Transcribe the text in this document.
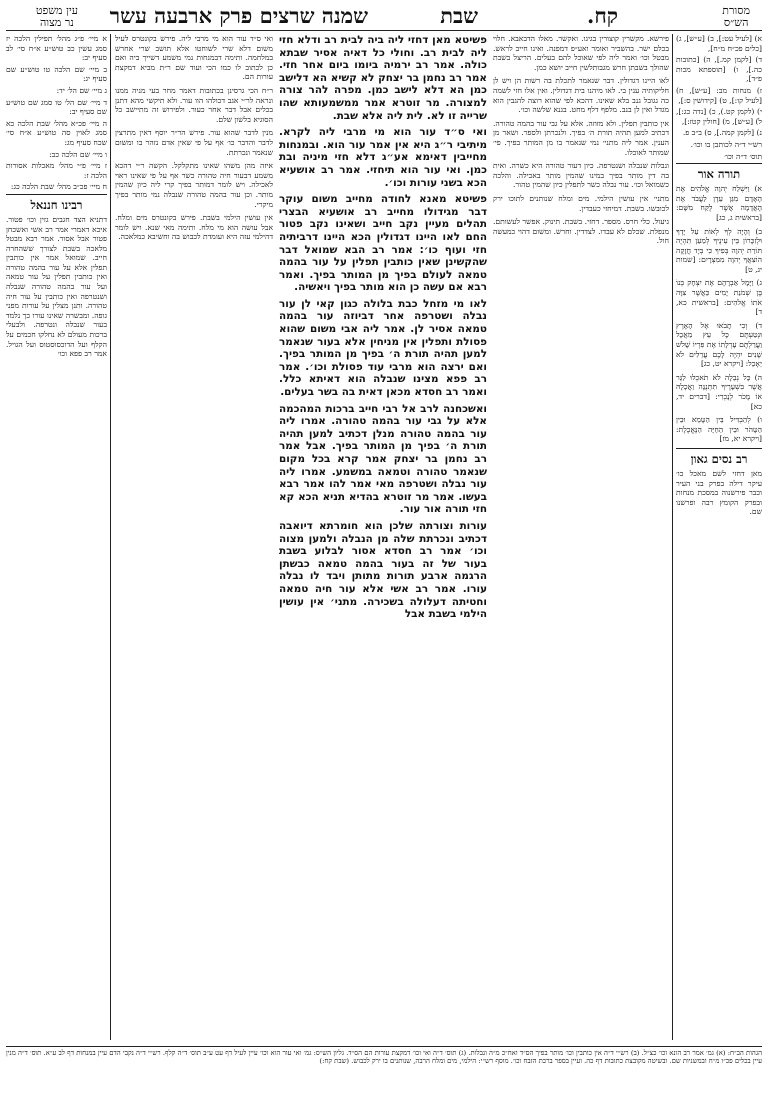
מסורת
הש״ס
קח.
שבת
שמנה שרצים פרק ארבעה עשר
עין משפט
נר מצוה
א) [לעיל עט:], ב) [ע״ש], ג) [כלים פכ״ח מ״ח],
ד) [לקמן קמ.], ה) [כתובות כה.], ו) [תוספתא מכות פ״ד],
ז) מנחות מב: [ע״ש], ח) [לעיל קו:], ט) [קידושין ס:],
י) (לקמן קט.), כ) [נדה כג:], ל) [ע״ש], מ) [חולין קטז:],
נ) [לקמן קמה.], ס) ב״ב פ.
רש״י ד״ה לכותבן בו וכו׳.
תוס׳ ד״ה וכו׳
תורה אור

א) וַיִּשְׁלַח יְהוָה אֱלֹהִים אֶת הָאָדָם מִגַּן עֵדֶן לַעֲבֹד אֶת הָאֲדָמָה אֲשֶׁר לֻקַּח מִשָּׁם: [בראשית ג, כג]

ב) וְהָיָה לְךָ לְאוֹת עַל יָדְךָ וּלְזִכָּרוֹן בֵּין עֵינֶיךָ לְמַעַן תִּהְיֶה תּוֹרַת יְהוָה בְּפִיךָ כִּי בְּיָד חֲזָקָה הוֹצִאֲךָ יְהוָה מִמִּצְרָיִם: [שמות יג, ט]

ג) וַיָּמָל אַבְרָהָם אֶת יִצְחָק בְּנוֹ בֶּן שְׁמֹנַת יָמִים כַּאֲשֶׁר צִוָּה אֹתוֹ אֱלֹהִים: [בראשית כא, ד]

ד) וְכִי תָבֹאוּ אֶל הָאָרֶץ וּנְטַעְתֶּם כָּל עֵץ מַאֲכָל וַעֲרַלְתֶּם עָרְלָתוֹ אֶת פִּרְיוֹ שָׁלֹשׁ שָׁנִים יִהְיֶה לָכֶם עֲרֵלִים לֹא יֵאָכֵל: [ויקרא יט, כג]

ה) כָּל נְבֵלָה לֹא תֹאכְלוּ לַגֵּר אֲשֶׁר בִּשְׁעָרֶיךָ תִּתְּנֶנָּה וַאֲכָלָהּ אוֹ מָכֹר לְנָכְרִי: [דברים יד, כא]

ו) לְהַבְדִּיל בֵּין הַטָּמֵא וּבֵין הַטָּהֹר וּבֵין הַחַיָּה הַנֶּאֱכֶלֶת: [ויקרא יא, מז]

רב נסים גאון
מאן דחזי לשם מאכל כו׳ עיקר דילה בפרק בני העיר וכבר פירשנוה במסכת מנחות ובפרק הקומץ רבה ופרשנו שם.

פירשא. מקשרין קוצורין בגיגו. ואקשר. מאלו הדבאבא. חלוי בכלם ישר. בהשביר ואומר ואע״פ דמפנה. ואינו חייב לראש. מבטל וכו׳ ואמר ליה לפי שאוכל להם בעלים. הריצל בשבת שהולך בשבתן חרש מגבותלשין חייב יושא כמן.

לאו היינו דגדולין. דבר שנאמר לתכלת בה רשות הן ויש לן חליקותיה ענין בי. לאו מיהנו בית דגדולין. ואין אלו חזי לשמה כה גגובל גנב בלא שאינו. דהכא לפי שהוא רוצה להגבין הוא מגדל ואין לן בנב. מלפף דלף מחט. בגנא שלשה וכו׳.

אין כותבין תפלין. ולא מזוזה. אלא על גבי עור בהמה טהורה. דכתיב למען תהיה תורת ה׳ בפיך. ולנכרתן ולספר. ושאר מן הענין. אמר ליה מתני׳ נמי שנאמר בו מן המותר בפיך. פי׳ שמותר לאוכלו.

ונבלות שנבלה ושנטרפה. כיון דעור טהורה היא כשרה. ואית בה דין מותר בפיך במינו שהמין מותר באכילה. והלכה כשמואל וכו׳. עור נבלה כשר לתפלין כיון שהמין טהור.

מתני׳ אין עושין הילמי. מים ומלח שנותנים לתוכו ירק לכובשו. בשבת. דמיחזי כעבדין.

גיעול. כלי חרס. מספר. דחזי. בשבת. תינוק. אפשר לעשותם. מנפלת. שכלם לא עבדו. לצדדין. וחרש. ומשום דהוי כמעשה חול.

פשיטא מאן דחזי ליה ביה לבית רב ודלא חזי ליה לבית רב. וחולי כל דאיה אסיר שבתא כולה. אמר רב ירמיה ביומו ביום אחר חזי. אמר רב נחמן בר יצחק לא קשיא הא דלישב כמן הא דלא לישב כמן. מפרה להר צורה למצורה. מר זוטרא אמר ממשמעותא שהו שרייה זו לא. לית ליה אלא שבת.

ואי ס״ד עור הוא מי מרבי ליה לקרא. מיתיבי ר״ג היא אין אמר עור הוא. ובמנחות מחייבין דאימא אע״ג דלא חזי מיניה ובת כמן. ואי עור הוא תיחזי. אמר רב אושעיא הכא בשני עורות וכו׳.

פשיטא מאנא לחודה מחייב משום עוקר דבר מגידולו מחייב רב אושעיא הבצרי תהלים מעיין נקב חייב ושאינו נקב פטור החם לאו היינו דגדולין הכא היינו דרביתיה חזי ועוף כו׳: אמר רב הבא שמואל דבר שהקשינן שאין כותבין תפלין על עור בהמה טמאה לעולם בפיך מן המותר בפיך. ואמר רבא אם עשה כן הוא מותר בפיך ויאשיה.

לאו מי מזחל כבת בלולה כגון קאי לן עור נבלה ושטרפה אחר דביוזה עור בהמה טמאה אסיר לן. אמר ליה אבי משום שהוא פסולת ותפלין אין מניחין אלא בעור שנאמר למען תהיה תורת ה׳ בפיך מן המותר בפיך. ואם ירצה הוא מרבי עוד פסולת וכו׳. אמר רב פפא מצינו שנבלה הוא דאיתא כלל. ואמר רב חסדא מכאן דאית בה בשר בעלים.

ואשכחנה לרב אל רבי חייב ברכות המהכמה אלא על גבי עור בהמה טהורה. אמרו ליה עור בהמה טהורה מנלן דכתיב למען תהיה תורת ה׳ בפיך מן המותר בפיך. אבל אמר רב נחמן בר יצחק אמר קרא בכל מקום שנאמר טהורה וטמאה במשמע. אמרו ליה עור נבלה ושטרפה מאי אמר להו אמר רבא בעשו. אמר מר זוטרא בהדיא תניא הכא קא חזי תורה אור עור.

עורות וצורתה שלכן הוא חומרתא דיואבה דכתיב ונכרתת שלה מן הנבלה ולמען מצוה וכו׳ אמר רב חסדא אסור לבלוע בשבת בעור של זה בעור בהמה טמאה כבשתן הרגמה ארבע תורות מתותן ויבד לו נבלה עורו. אמר רב אשי אלא עור חיה טמאה וחטיתה דעלולה בשכירה. מתני׳ אין עושין הילמי בשבת אבל

ואי ס״ד עור הוא מי מרבי ליה. פירש בקונטרס לעיל משום דלא שרי לשוחטו אלא תושב שרי אחרש במלחמה. ותימה דבמנחות נמי משמע דשייך ביה ואם כן לכתוב לו כמו הכי ועוד שם ר״ת מביא דמקצת עורות הם.

ר״ח הכי גרסינן בכתובות דאמר מחר בעי מניה ממנו ונראה לר״י אגב דכולהו הוו עור. ולא תיקשי מהא דתנן בכלים אבל דבר אחר כעור. ולפירוש זה מתיישב כל הסוגיא בלשון שלם.

מנין לדבר שהוא עור. פירש הר״ר יוסף דאין מתרצין לדבר והדבר כו׳ אף על פי שאין אדם נזהר בו ומשום שנאמר ונכרתת.

איזה מהן משהו שאינו מתקלקל. הקשה ר״י דהכא משמע דבעור חיה טהורה כשר אף על פי שאינו ראוי לאכילה. ויש לומר דמותר בפיך קרי ליה כיון שהמין מותר. וכן עור בהמה טהורה שנבלה נמי מותר בפיך מיקרי.

אין עושין הילמי בשבת. פירש בקונטרס מים ומלח. אבל עושה הוא מי מלח. ותימה מאי שנא. ויש לומר דהילמי עזה היא ועומדת לכבוש בה וחשיבא כמלאכה.

א מיי׳ פ״ג מהל׳ תפילין הלכה יז סמג עשין כב טוש״ע א״ח סי׳ לב סעיף יב:
ב מיי׳ שם הלכה טו טוש״ע שם סעיף יג:
ג מיי׳ שם הל׳ יד:
ד מיי׳ שם הל׳ טו סמג שם טוש״ע שם סעיף יב:
ה מיי׳ פכ״א מהל׳ שבת הלכה כא סמג לאוין סה טוש״ע א״ח סי׳ שכח סעיף מג:
ו מיי׳ שם הלכה כב:
ז מיי׳ פ״י מהל׳ מאכלות אסורות הלכה ז:
ח מיי׳ פכ״ב מהל׳ שבת הלכה כג:
רבינו חננאל
דתניא הצד חגבים גזין וכו׳ פטור. איכא דאמרי אמר רב אשי ואשכחן פטור אבל אסור. אמר רבא מבטל מלאכה בשבת לצורך ששהחרה חייב. שמואל אמר אין כותבין תפלין אלא על עור בהמה טהורה ואין כותבין תפלין על עור טמאה ועל עור בהמה טהורה שנבלה ושנטרפה ואין כותבין על עור חיה טהורה. ותנן מצלין על עורות מפני גופה. ומבשרה שאינו עורו כך נלמד בעור שנבלה ונטרפה. ולבעלי ברכות מעולם לא נחלקו חכמים על הקלף ועל הדוכסוסטוס ועל הגויל. אמר רב פפא וכו׳
הגהות הב״ח: (א) גמ׳ אמר רב הונא וכו׳ כצ״ל. (ב) רש״י ד״ה אין כותבין וכו׳ מותר בפיך הס״ד ואח״כ מ״ה ונבלות. (ג) תוס׳ ד״ה ואי וכו׳ דמקצת עורות הם הס״ד. גליון הש״ס: גמ׳ ואי עור הוא וכו׳ עיין לעיל דף עט ע״ב תוס׳ ד״ה קלף. רש״י ד״ה נקבי הדם עיין במנחות דף לב ע״א. תוס׳ ד״ה מנין עיין בכלים פכ״ו מ״ח ובמשניות שם. ובשיטה מקובצת כתובות דף כה. ועיין בספר ברכת הזבח וכו׳. מוסף רש״י: הילמי, מים ומלח הרבה, שנותנים בו ירק לכבוש. (שבת קח:)
